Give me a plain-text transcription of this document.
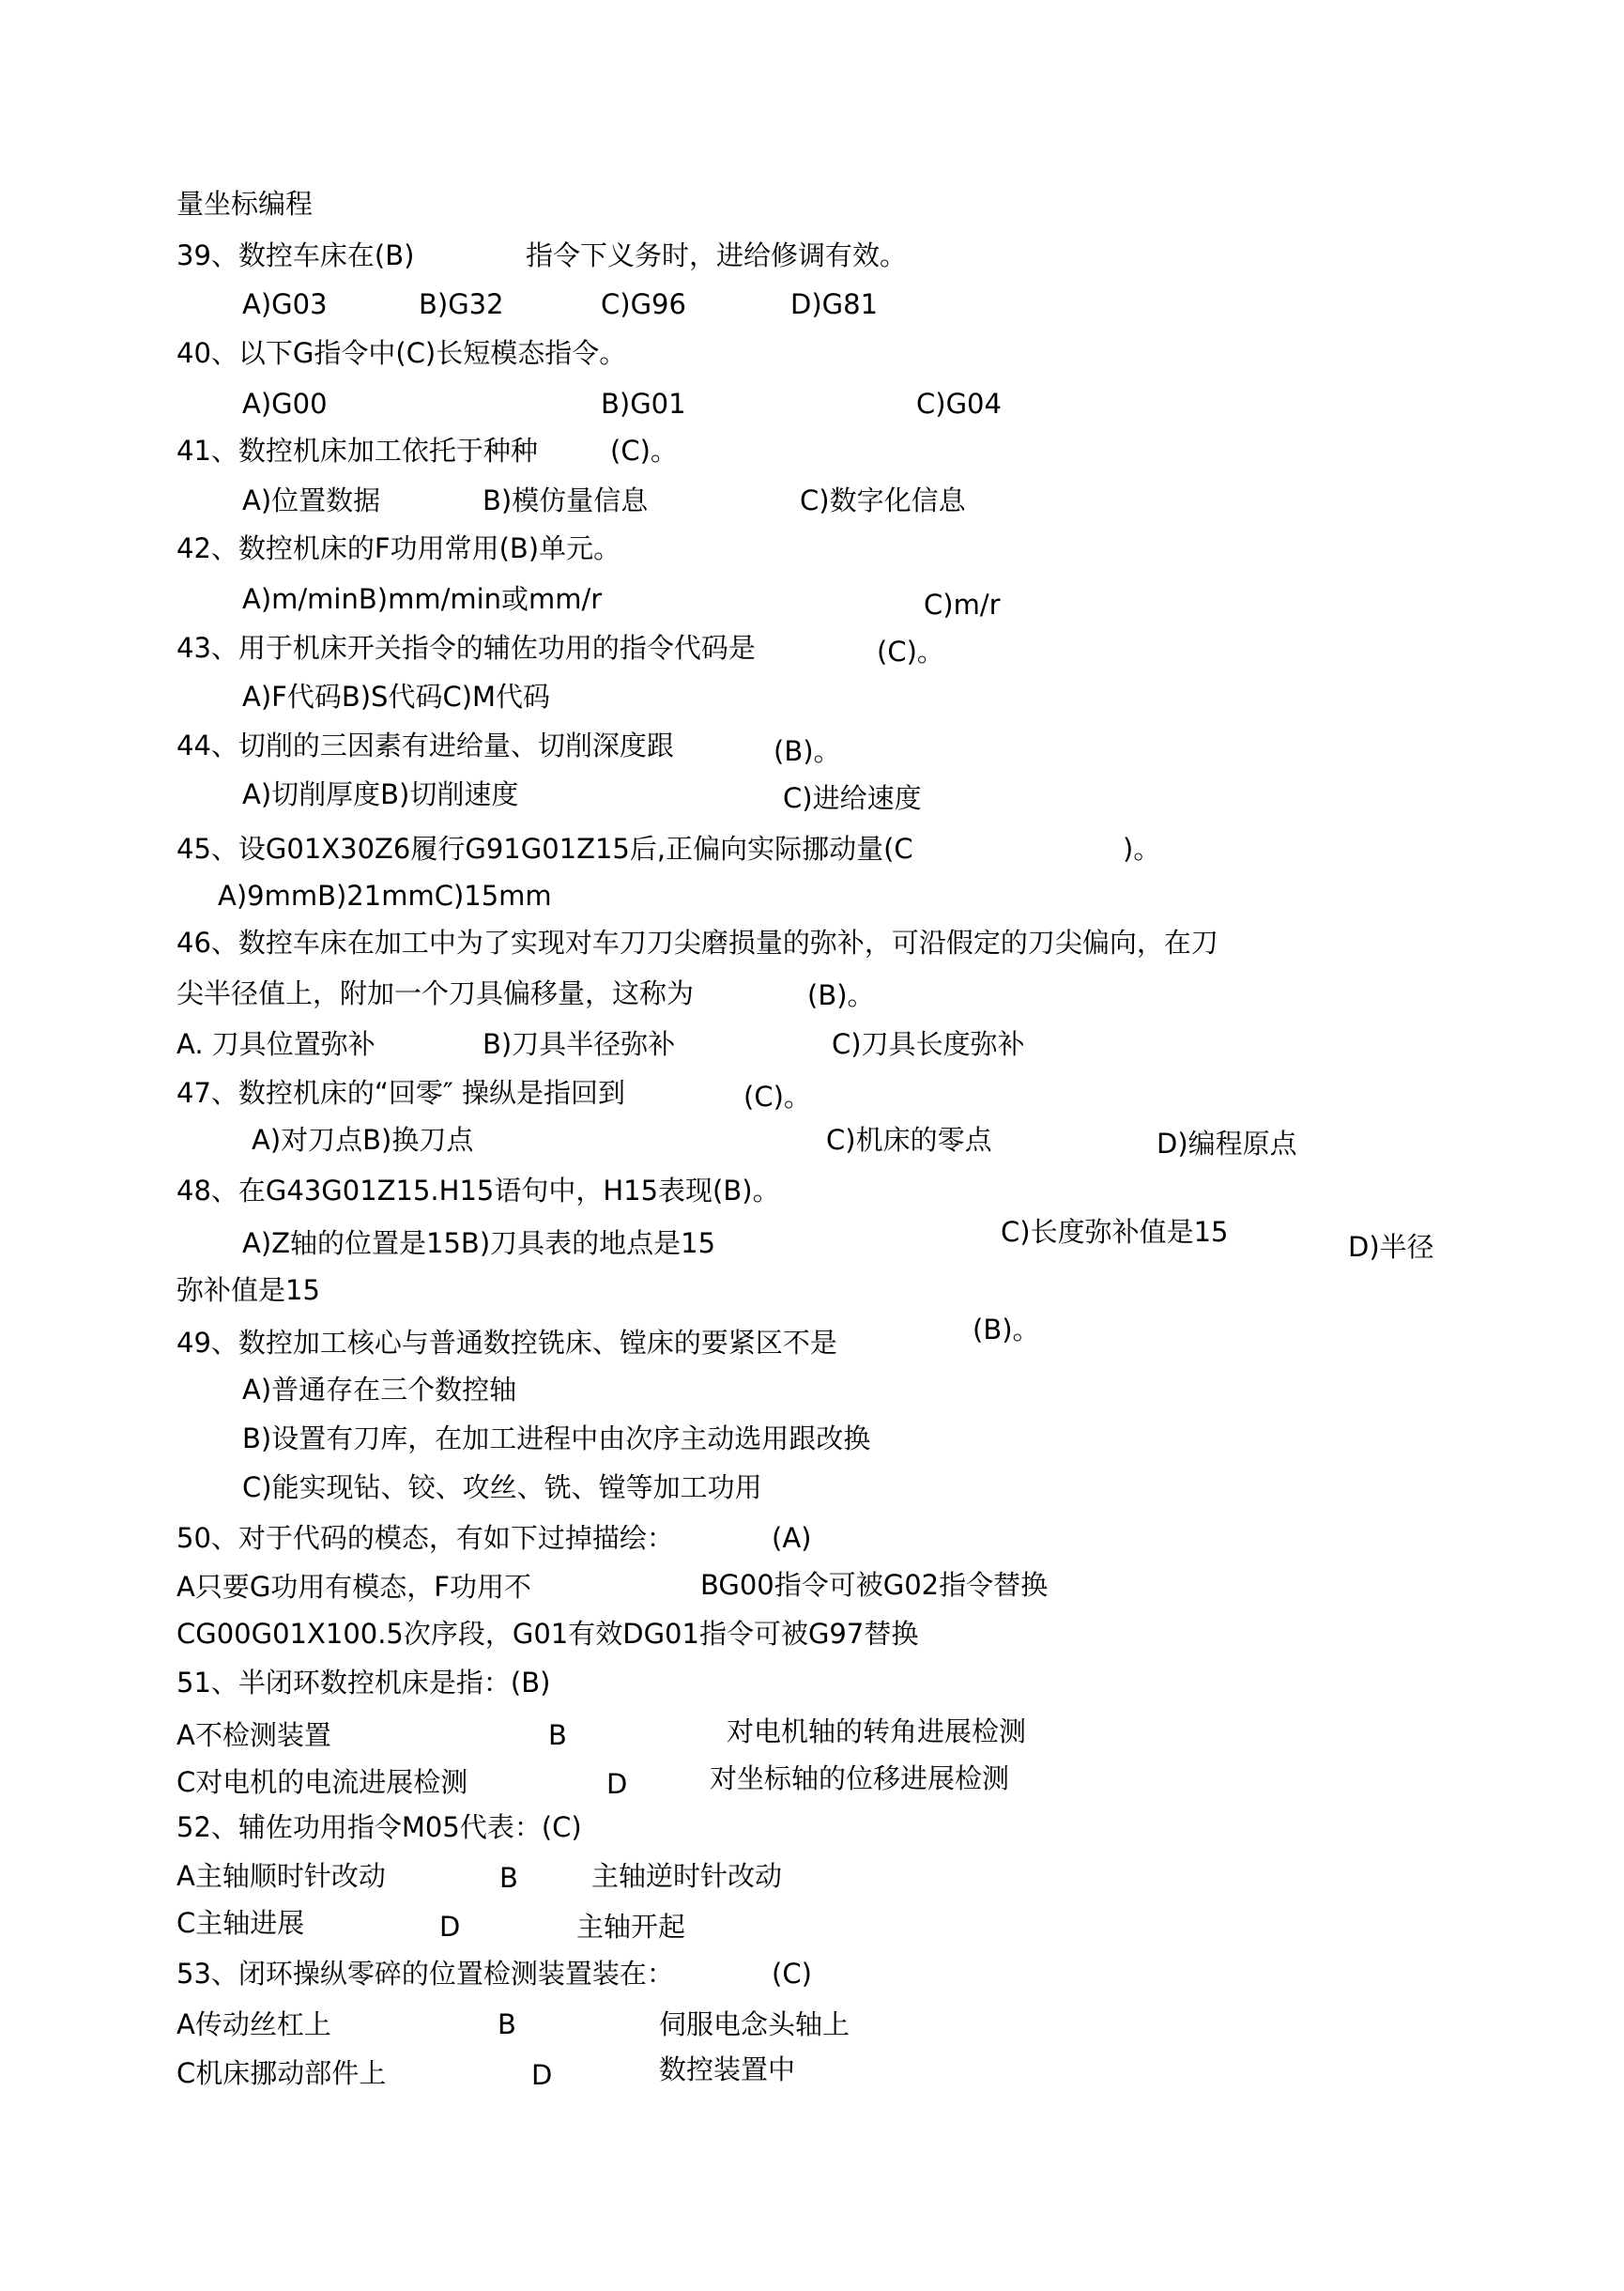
量坐标编程
39、数控车床在(B)	指令下义务时，进给修调有效。
A)G03	B)G32	C)G96	D)G81
40、以下G指令中(C)长短模态指令。
A)G00	B)G01	C)G04
41、数控机床加工依托于种种	(C)。
A)位置数据	B)模仿量信息	C)数字化信息
42、数控机床的F功用常用(B)单元。
A)m/minB)mm/min或mm/r	C)m/r
43、用于机床开关指令的辅佐功用的指令代码是	(C)。
A)F代码B)S代码C)M代码
44、切削的三因素有进给量、切削深度跟	(B)。
A)切削厚度B)切削速度	C)进给速度
45、设G01X30Z6履行G91G01Z15后,正偏向实际挪动量(C	)。
A)9mmB)21mmC)15mm
46、数控车床在加工中为了实现对车刀刀尖磨损量的弥补，可沿假定的刀尖偏向，在刀
尖半径值上，附加一个刀具偏移量，这称为	(B)。
A. 刀具位置弥补	B)刀具半径弥补	C)刀具长度弥补
47、数控机床的“回零″ 操纵是指回到	(C)。
A)对刀点B)换刀点	C)机床的零点	D)编程原点
48、在G43G01Z15.H15语句中，H15表现(B)。
A)Z轴的位置是15B)刀具表的地点是15	C)长度弥补值是15	D)半径
弥补值是15
49、数控加工核心与普通数控铣床、镗床的要紧区不是	(B)。
A)普通存在三个数控轴
B)设置有刀库，在加工进程中由次序主动选用跟改换
C)能实现钻、铰、攻丝、铣、镗等加工功用
50、对于代码的模态，有如下过掉描绘：	(A)
A只要G功用有模态，F功用不	BG00指令可被G02指令替换
CG00G01X100.5次序段，G01有效DG01指令可被G97替换
51、半闭环数控机床是指：(B)
A不检测装置	B	对电机轴的转角进展检测
C对电机的电流进展检测	D	对坐标轴的位移进展检测
52、辅佐功用指令M05代表：(C)
A主轴顺时针改动	B	主轴逆时针改动
C主轴进展	D	主轴开起
53、闭环操纵零碎的位置检测装置装在：	(C)
A传动丝杠上	B	伺服电念头轴上
C机床挪动部件上	D	数控装置中
